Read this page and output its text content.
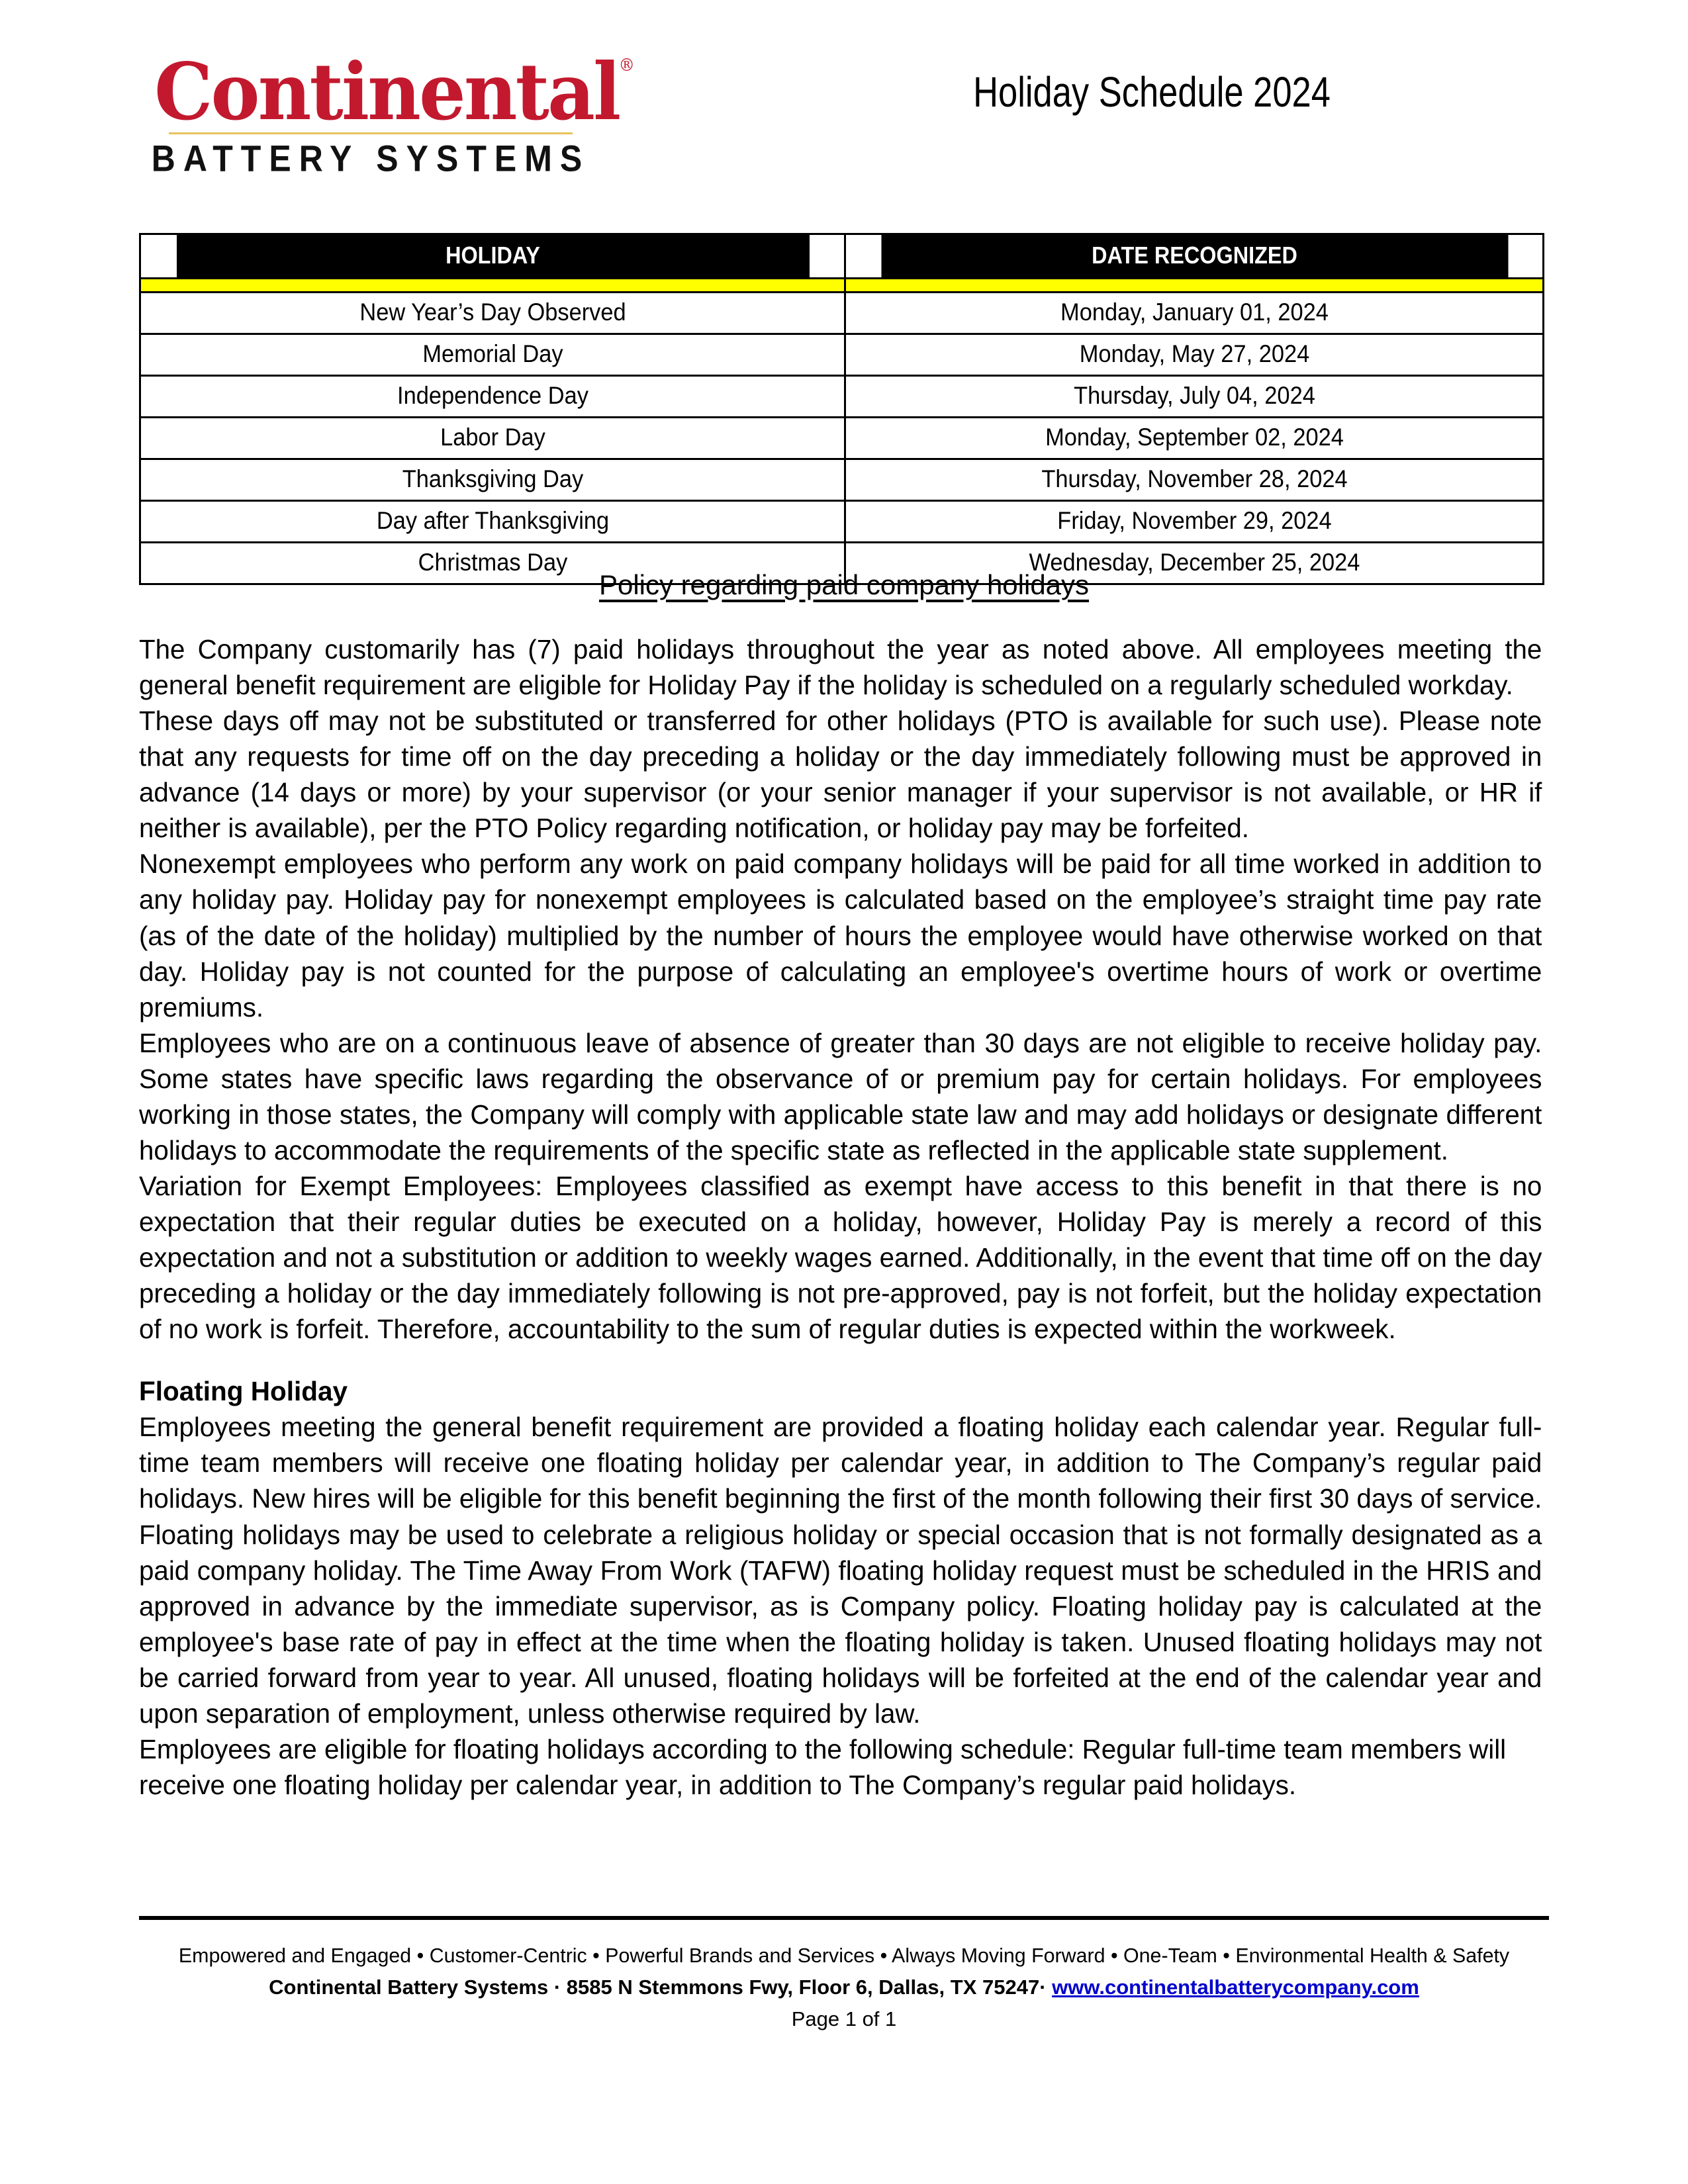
Continental ®
BATTERY SYSTEMS
Holiday Schedule 2024
HOLIDAY	DATE RECOGNIZED

New Year’s Day Observed	Monday, January 01, 2024
Memorial Day	Monday, May 27, 2024
Independence Day	Thursday, July 04, 2024
Labor Day	Monday, September 02, 2024
Thanksgiving Day	Thursday, November 28, 2024
Day after Thanksgiving	Friday, November 29, 2024
Christmas Day	Wednesday, December 25, 2024
Policy regarding paid company holidays

The Company customarily has (7) paid holidays throughout the year as noted above. All employees meeting the general benefit requirement are eligible for Holiday Pay if the holiday is scheduled on a regularly scheduled workday.

These days off may not be substituted or transferred for other holidays (PTO is available for such use). Please note that any requests for time off on the day preceding a holiday or the day immediately following must be approved in advance (14 days or more) by your supervisor (or your senior manager if your supervisor is not available, or HR if neither is available), per the PTO Policy regarding notification, or holiday pay may be forfeited.

Nonexempt employees who perform any work on paid company holidays will be paid for all time worked in addition to any holiday pay. Holiday pay for nonexempt employees is calculated based on the employee’s straight time pay rate (as of the date of the holiday) multiplied by the number of hours the employee would have otherwise worked on that day. Holiday pay is not counted for the purpose of calculating an employee's overtime hours of work or overtime premiums.

Employees who are on a continuous leave of absence of greater than 30 days are not eligible to receive holiday pay. Some states have specific laws regarding the observance of or premium pay for certain holidays. For employees working in those states, the Company will comply with applicable state law and may add holidays or designate different holidays to accommodate the requirements of the specific state as reflected in the applicable state supplement.

Variation for Exempt Employees: Employees classified as exempt have access to this benefit in that there is no expectation that their regular duties be executed on a holiday, however, Holiday Pay is merely a record of this expectation and not a substitution or addition to weekly wages earned. Additionally, in the event that time off on the day preceding a holiday or the day immediately following is not pre-approved, pay is not forfeit, but the holiday expectation of no work is forfeit. Therefore, accountability to the sum of regular duties is expected within the workweek.

Floating Holiday

Employees meeting the general benefit requirement are provided a floating holiday each calendar year. Regular full-time team members will receive one floating holiday per calendar year, in addition to The Company’s regular paid holidays. New hires will be eligible for this benefit beginning the first of the month following their first 30 days of service. Floating holidays may be used to celebrate a religious holiday or special occasion that is not formally designated as a paid company holiday. The Time Away From Work (TAFW) floating holiday request must be scheduled in the HRIS and approved in advance by the immediate supervisor, as is Company policy. Floating holiday pay is calculated at the employee's base rate of pay in effect at the time when the floating holiday is taken. Unused floating holidays may not be carried forward from year to year. All unused, floating holidays will be forfeited at the end of the calendar year and upon separation of employment, unless otherwise required by law.

Employees are eligible for floating holidays according to the following schedule: Regular full-time team members will receive one floating holiday per calendar year, in addition to The Company’s regular paid holidays.

Empowered and Engaged • Customer-Centric • Powerful Brands and Services • Always Moving Forward • One-Team • Environmental Health & Safety
Continental Battery Systems · 8585 N Stemmons Fwy, Floor 6, Dallas, TX 75247· www.continentalbatterycompany.com
Page 1 of 1
